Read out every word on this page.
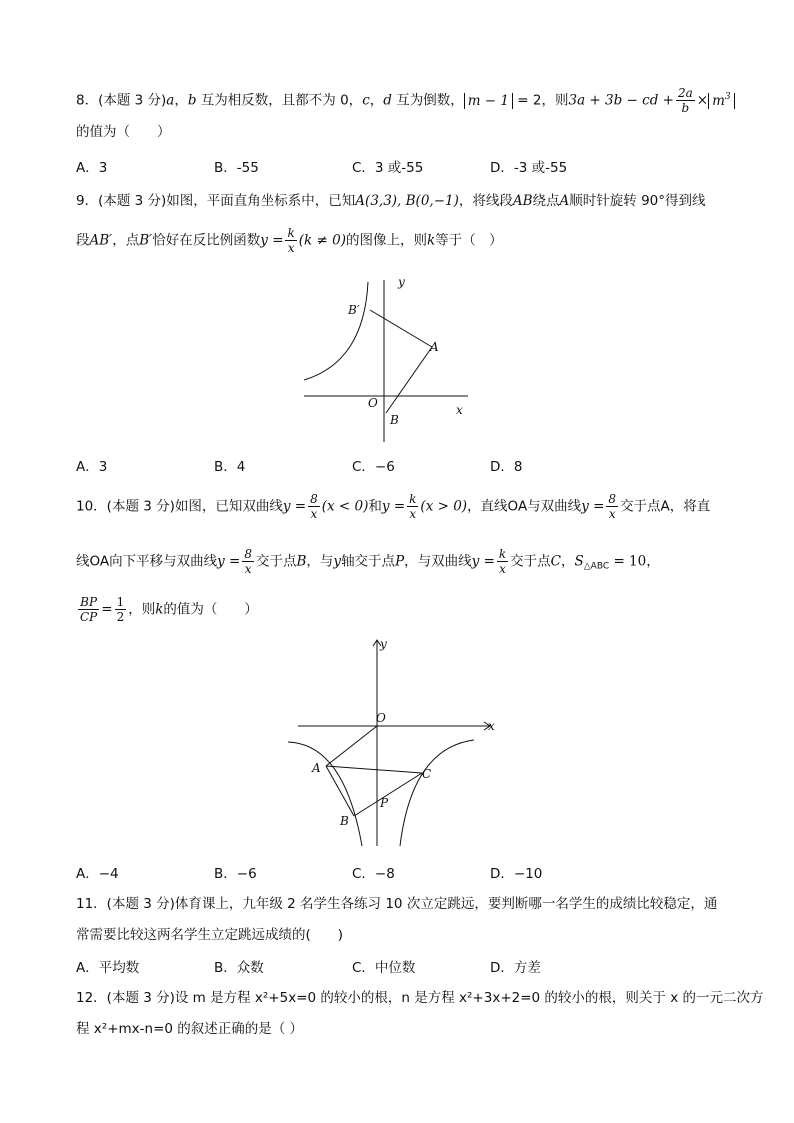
8．(本题 3 分)a，b 互为相反数，且都不为 0，c，d 互为倒数， m − 1 = 2，则3a + 3b − cd + $\frac{2a}{b} \times m^3$
的值为（　　）
A．3	B．-55	C．3 或-55	D．-3 或-55
9．(本题 3 分)如图，平面直角坐标系中，已知A(3,3), B(0,−1)，将线段AB绕点A顺时针旋转 90°得到线
段AB′，点B′恰好在反比例函数$y = \frac{k}{x} (k \ne 0)$的图像上，则k等于（　）
y
x
O
A
B
B′
A．3	B．4	C．−6	D．8
10．(本题 3 分)如图，已知双曲线$y = \frac{8}{x} (x < 0)$和$y = \frac{k}{x} (x > 0)$，直线OA与双曲线$y = \frac{8}{x}$ 交于点A，将直
线OA向下平移与双曲线$y = \frac{8}{x}$ 交于点B，与y轴交于点P，与双曲线$y = \frac{k}{x}$ 交于点C，$S_{\triangle ABC} = 10$，
$\frac{BP}{CP} = \frac{1}{2}$ ，则k的值为（　　）
y
x
O
A
B
C
P
A．−4	B．−6	C．−8	D．−10
11．(本题 3 分)体育课上，九年级 2 名学生各练习 10 次立定跳远，要判断哪一名学生的成绩比较稳定，通
常需要比较这两名学生立定跳远成绩的(　　)
A．平均数	B．众数	C．中位数	D．方差
12．(本题 3 分)设 m 是方程 x²+5x=0 的较小的根，n 是方程 x²+3x+2=0 的较小的根，则关于 x 的一元二次方
程 x²+mx-n=0 的叙述正确的是（ ）
